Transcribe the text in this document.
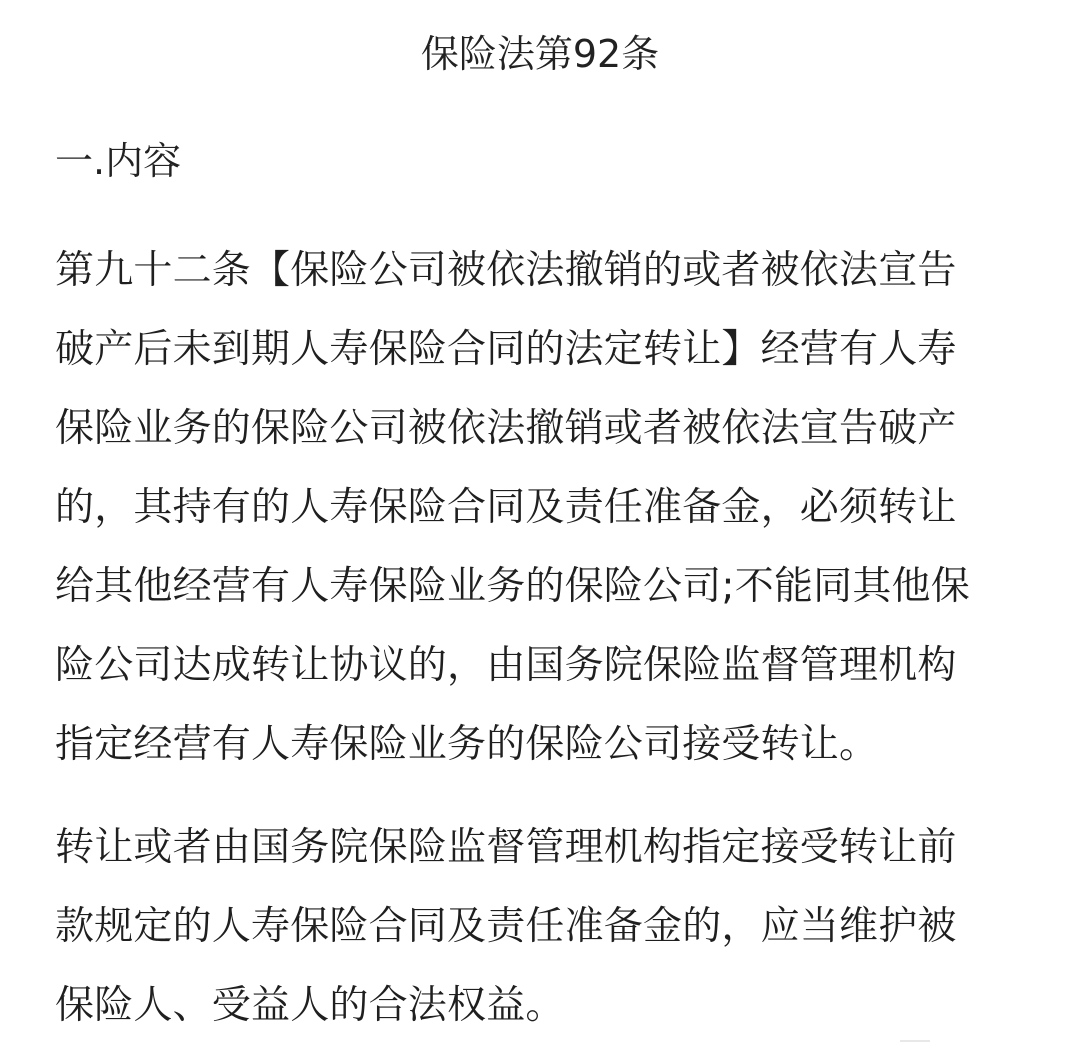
保险法第92条
一.内容

第九十二条【保险公司被依法撤销的或者被依法宣告
破产后未到期人寿保险合同的法定转让】经营有人寿
保险业务的保险公司被依法撤销或者被依法宣告破产
的，其持有的人寿保险合同及责任准备金，必须转让
给其他经营有人寿保险业务的保险公司;不能同其他保
险公司达成转让协议的，由国务院保险监督管理机构
指定经营有人寿保险业务的保险公司接受转让。

转让或者由国务院保险监督管理机构指定接受转让前
款规定的人寿保险合同及责任准备金的，应当维护被
保险人、受益人的合法权益。
